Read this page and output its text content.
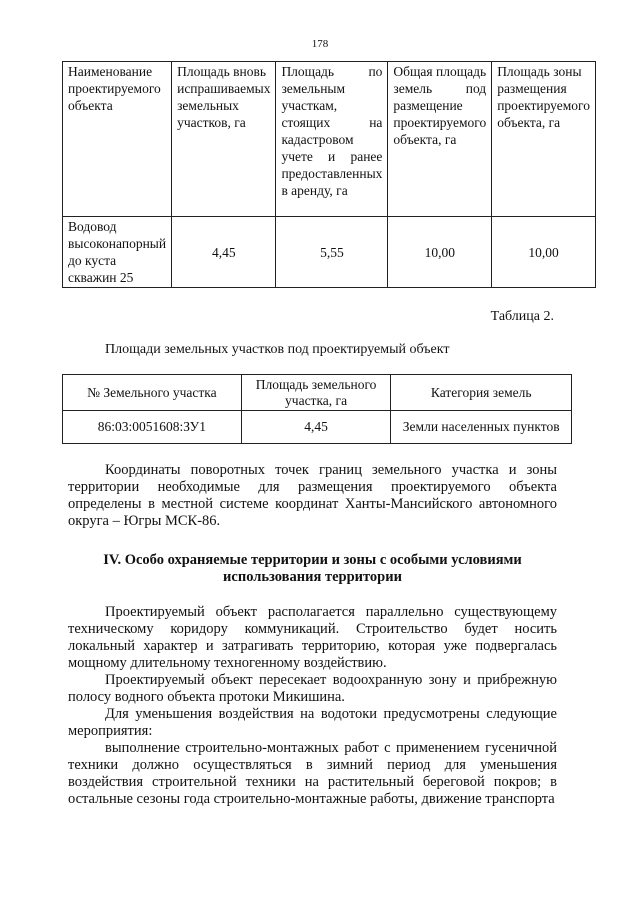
178
Наименование проектируемого объекта	Площадь вновь испрашиваемых земельных участков, га	Площадь по земельным участкам, стоящих на кадастровом учете и ранее предоставленных в аренду, га	Общая площадь земель под размещение проектируемого объекта, га	Площадь зоны размещения проектируемого объекта, га
Водовод высоконапорный до куста скважин 25	4,45	5,55	10,00	10,00
Таблица 2.
Площади земельных участков под проектируемый объект
№ Земельного участка	Площадь земельного участка, га	Категория земель
86:03:0051608:ЗУ1	4,45	Земли населенных пунктов
Координаты поворотных точек границ земельного участка и зоны территории необходимые для размещения проектируемого объекта определены в местной системе координат Ханты-Мансийского автономного округа – Югры МСК-86.
IV. Особо охраняемые территории и зоны с особыми условиями
использования территории
Проектируемый объект располагается параллельно существующему техническому коридору коммуникаций. Строительство будет носить локальный характер и затрагивать территорию, которая уже подвергалась мощному длительному техногенному воздействию.
Проектируемый объект пересекает водоохранную зону и прибрежную полосу водного объекта протоки Микишина.
Для уменьшения воздействия на водотоки предусмотрены следующие мероприятия:
выполнение строительно-монтажных работ с применением гусеничной техники должно осуществляться в зимний период для уменьшения воздействия строительной техники на растительный береговой покров; в остальные сезоны года строительно-монтажные работы, движение транспорта
